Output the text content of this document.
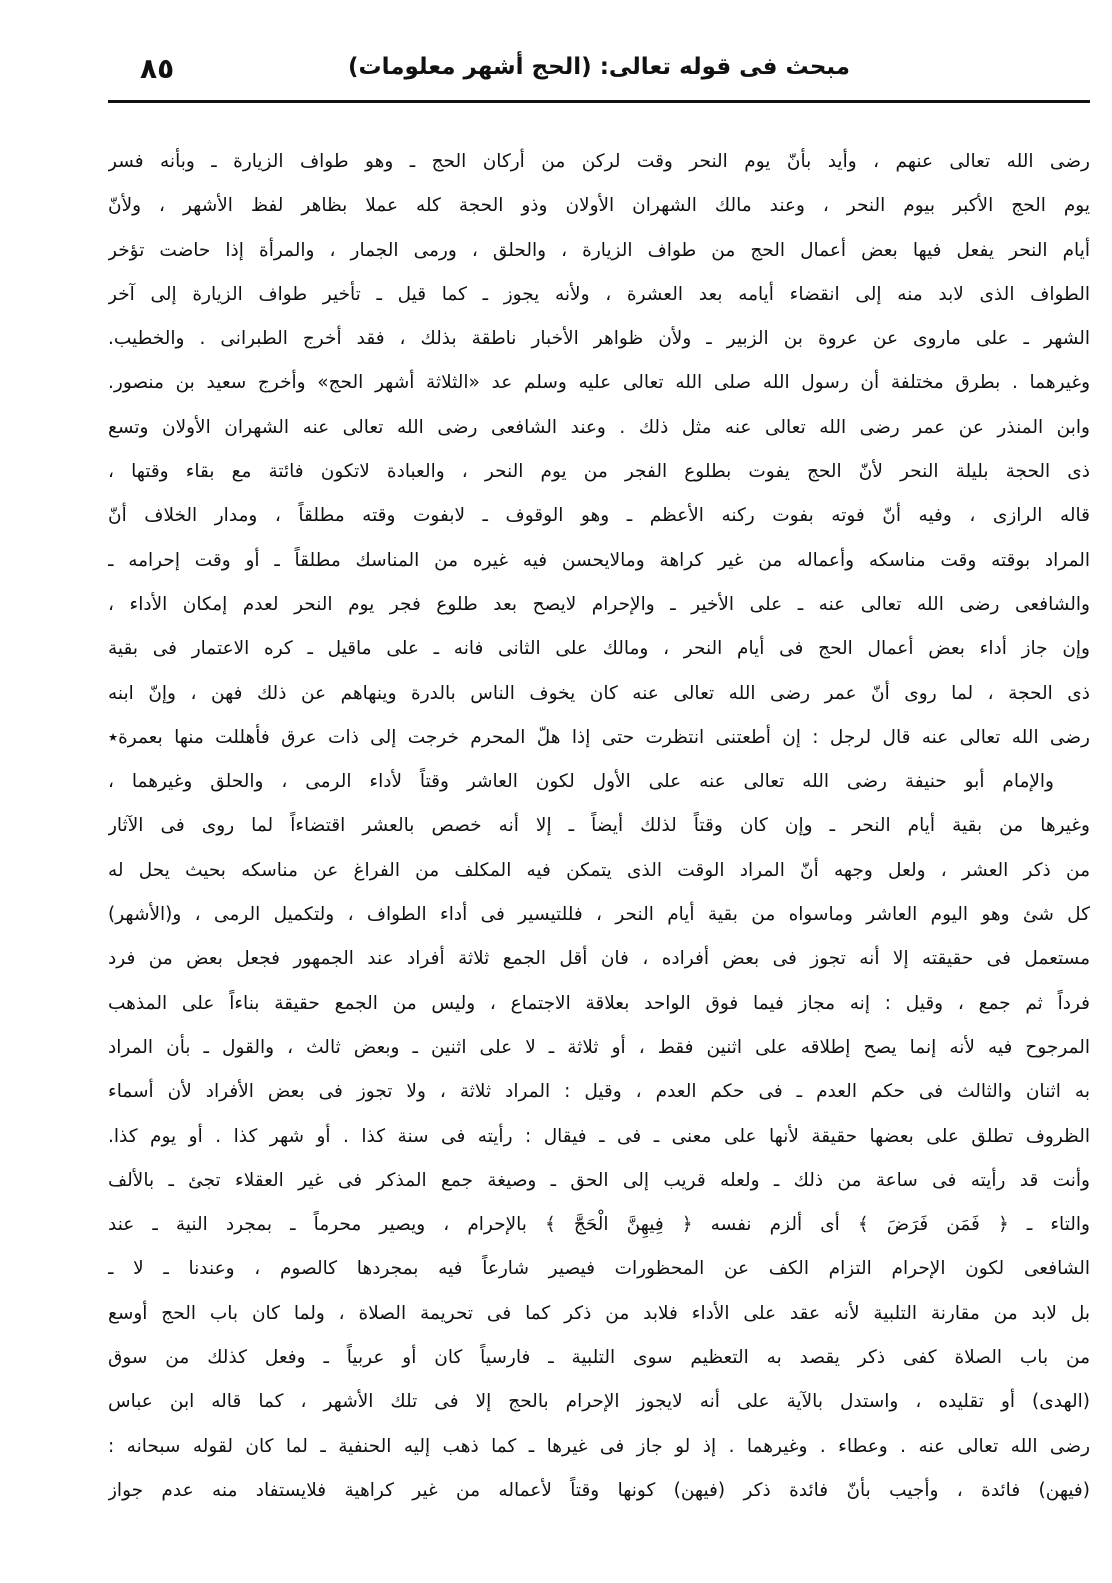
مبحث فى قوله تعالى: (الحج أشهر معلومات)
٨٥
رضى الله تعالى عنهم ، وأيد بأنّ يوم النحر وقت لركن من أركان الحج ـ وهو طواف الزيارة ـ وبأنه فسر
يوم الحج الأكبر بيوم النحر ، وعند مالك الشهران الأولان وذو الحجة كله عملا بظاهر لفظ الأشهر ، ولأنّ
أيام النحر يفعل فيها بعض أعمال الحج من طواف الزيارة ، والحلق ، ورمى الجمار ، والمرأة إذا حاضت تؤخر
الطواف الذى لابد منه إلى انقضاء أيامه بعد العشرة ، ولأنه يجوز ـ كما قيل ـ تأخير طواف الزيارة إلى آخر
الشهر ـ على ماروى عن عروة بن الزبير ـ ولأن ظواهر الأخبار ناطقة بذلك ، فقد أخرج الطبرانى . والخطيب.
وغيرهما . بطرق مختلفة أن رسول الله صلى الله تعالى عليه وسلم عد «الثلاثة أشهر الحج» وأخرج سعيد بن منصور.
وابن المنذر عن عمر رضى الله تعالى عنه مثل ذلك . وعند الشافعى رضى الله تعالى عنه الشهران الأولان وتسع
ذى الحجة بليلة النحر لأنّ الحج يفوت بطلوع الفجر من يوم النحر ، والعبادة لاتكون فائتة مع بقاء وقتها ،
قاله الرازى ، وفيه أنّ فوته بفوت ركنه الأعظم ـ وهو الوقوف ـ لابفوت وقته مطلقاً ، ومدار الخلاف أنّ
المراد بوقته وقت مناسكه وأعماله من غير كراهة ومالايحسن فيه غيره من المناسك مطلقاً ـ أو وقت إحرامه ـ
والشافعى رضى الله تعالى عنه ـ على الأخير ـ والإحرام لايصح بعد طلوع فجر يوم النحر لعدم إمكان الأداء ،
وإن جاز أداء بعض أعمال الحج فى أيام النحر ، ومالك على الثانى فانه ـ على ماقيل ـ كره الاعتمار فى بقية
ذى الحجة ، لما روى أنّ عمر رضى الله تعالى عنه كان يخوف الناس بالدرة وينهاهم عن ذلك فهن ، وإنّ ابنه
رضى الله تعالى عنه قال لرجل : إن أطعتنى انتظرت حتى إذا هلّ المحرم خرجت إلى ذات عرق فأهللت منها بعمرة٭
والإمام أبو حنيفة رضى الله تعالى عنه على الأول لكون العاشر وقتاً لأداء الرمى ، والحلق وغيرهما ،
وغيرها من بقية أيام النحر ـ وإن كان وقتاً لذلك أيضاً ـ إلا أنه خصص بالعشر اقتضاءاً لما روى فى الآثار
من ذكر العشر ، ولعل وجهه أنّ المراد الوقت الذى يتمكن فيه المكلف من الفراغ عن مناسكه بحيث يحل له
كل شئ وهو اليوم العاشر وماسواه من بقية أيام النحر ، فللتيسير فى أداء الطواف ، ولتكميل الرمى ، و(الأشهر)
مستعمل فى حقيقته إلا أنه تجوز فى بعض أفراده ، فان أقل الجمع ثلاثة أفراد عند الجمهور فجعل بعض من فرد
فرداً ثم جمع ، وقيل : إنه مجاز فيما فوق الواحد بعلاقة الاجتماع ، وليس من الجمع حقيقة بناءاً على المذهب
المرجوح فيه لأنه إنما يصح إطلاقه على اثنين فقط ، أو ثلاثة ـ لا على اثنين ـ وبعض ثالث ، والقول ـ بأن المراد
به اثنان والثالث فى حكم العدم ـ فى حكم العدم ، وقيل : المراد ثلاثة ، ولا تجوز فى بعض الأفراد لأن أسماء
الظروف تطلق على بعضها حقيقة لأنها على معنى ـ فى ـ فيقال : رأيته فى سنة كذا . أو شهر كذا . أو يوم كذا.
وأنت قد رأيته فى ساعة من ذلك ـ ولعله قريب إلى الحق ـ وصيغة جمع المذكر فى غير العقلاء تجئ ـ بالألف
والتاء ـ ﴿ فَمَن فَرَضَ ﴾ أى ألزم نفسه ﴿ فِيهِنَّ الْحَجَّ ﴾ بالإحرام ، ويصير محرماً ـ بمجرد النية ـ عند
الشافعى لكون الإحرام التزام الكف عن المحظورات فيصير شارعاً فيه بمجردها كالصوم ، وعندنا ـ لا ـ
بل لابد من مقارنة التلبية لأنه عقد على الأداء فلابد من ذكر كما فى تحريمة الصلاة ، ولما كان باب الحج أوسع
من باب الصلاة كفى ذكر يقصد به التعظيم سوى التلبية ـ فارسياً كان أو عربياً ـ وفعل كذلك من سوق
(الهدى) أو تقليده ، واستدل بالآية على أنه لايجوز الإحرام بالحج إلا فى تلك الأشهر ، كما قاله ابن عباس
رضى الله تعالى عنه . وعطاء . وغيرهما . إذ لو جاز فى غيرها ـ كما ذهب إليه الحنفية ـ لما كان لقوله سبحانه :
(فيهن) فائدة ، وأجيب بأنّ فائدة ذكر (فيهن) كونها وقتاً لأعماله من غير كراهية فلايستفاد منه عدم جواز
